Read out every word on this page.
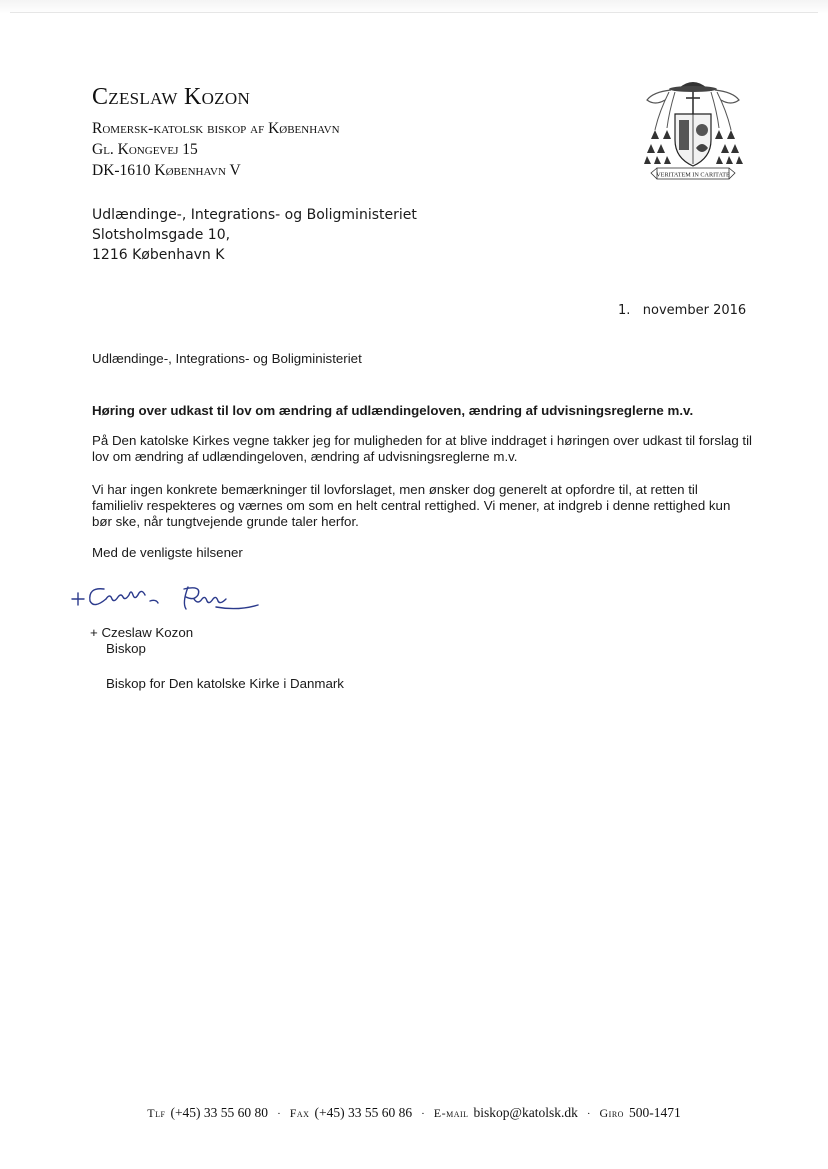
Czeslaw Kozon
Romersk-katolsk biskop af København
Gl. Kongevej 15
DK-1610 København V	VERITATEM IN CARITATE
Udlændinge-, Integrations- og Boligministeriet
Slotsholmsgade 10,
1216 København K
1.   november 2016
Udlændinge-, Integrations- og Boligministeriet
Høring over udkast til lov om ændring af udlændingeloven, ændring af udvisningsreglerne m.v.
På Den katolske Kirkes vegne takker jeg for muligheden for at blive inddraget i høringen over udkast til forslag til lov om ændring af udlændingeloven, ændring af udvisningsreglerne m.v.
Vi har ingen konkrete bemærkninger til lovforslaget, men ønsker dog generelt at opfordre til, at retten til familieliv respekteres og værnes om som en helt central rettighed. Vi mener, at indgreb i denne rettighed kun bør ske, når tungtvejende grunde taler herfor.
Med de venligste hilsener
+ Czeslaw Kozon
Biskop
Biskop for Den katolske Kirke i Danmark
Tlf (+45) 33 55 60 80 · Fax (+45) 33 55 60 86 · E-mail biskop@katolsk.dk · Giro 500-1471
